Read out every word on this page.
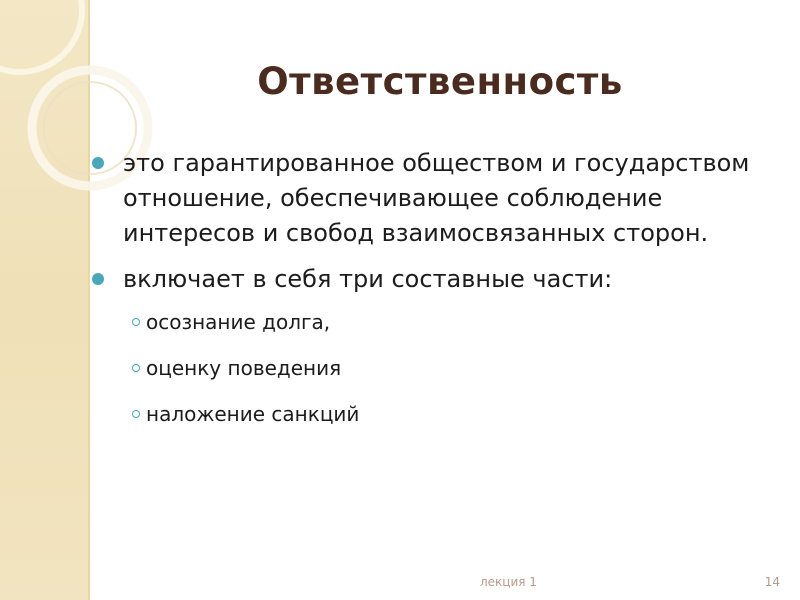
Ответственность
это гарантированное обществом и государством отношение, обеспечивающее соблюдение интересов и свобод взаимосвязанных сторон.
включает в себя три составные части:
осознание долга,
оценку поведения
наложение санкций
лекция 1	14
